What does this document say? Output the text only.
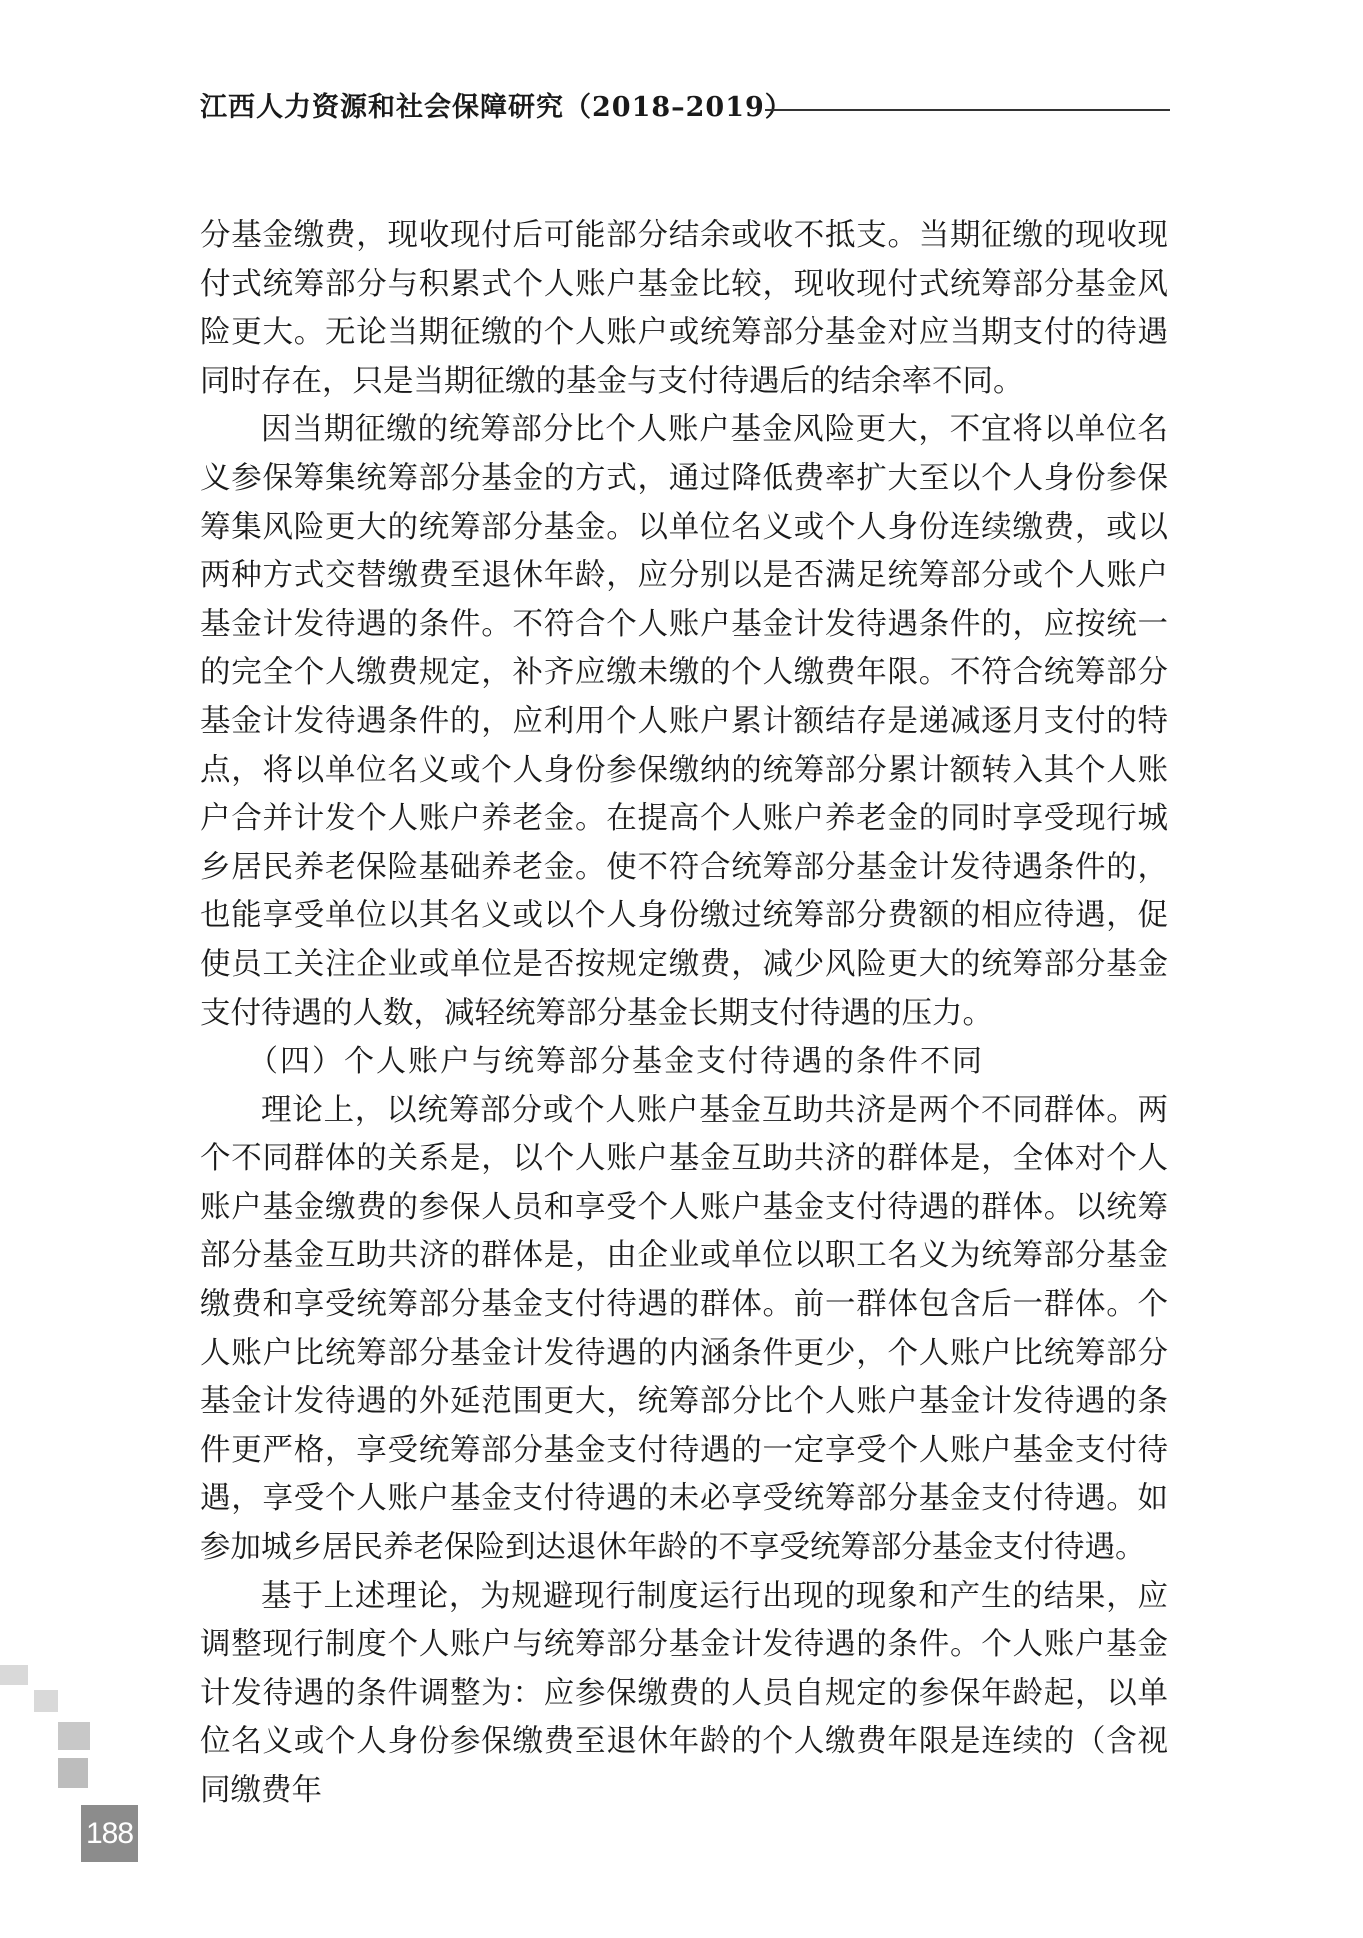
江西人力资源和社会保障研究（2018–2019）

分基金缴费，现收现付后可能部分结余或收不抵支。当期征缴的现收现付式统筹部分与积累式个人账户基金比较，现收现付式统筹部分基金风险更大。无论当期征缴的个人账户或统筹部分基金对应当期支付的待遇同时存在，只是当期征缴的基金与支付待遇后的结余率不同。

因当期征缴的统筹部分比个人账户基金风险更大，不宜将以单位名义参保筹集统筹部分基金的方式，通过降低费率扩大至以个人身份参保筹集风险更大的统筹部分基金。以单位名义或个人身份连续缴费，或以两种方式交替缴费至退休年龄，应分别以是否满足统筹部分或个人账户基金计发待遇的条件。不符合个人账户基金计发待遇条件的，应按统一的完全个人缴费规定，补齐应缴未缴的个人缴费年限。不符合统筹部分基金计发待遇条件的，应利用个人账户累计额结存是递减逐月支付的特点，将以单位名义或个人身份参保缴纳的统筹部分累计额转入其个人账户合并计发个人账户养老金。在提高个人账户养老金的同时享受现行城乡居民养老保险基础养老金。使不符合统筹部分基金计发待遇条件的，也能享受单位以其名义或以个人身份缴过统筹部分费额的相应待遇，促使员工关注企业或单位是否按规定缴费，减少风险更大的统筹部分基金支付待遇的人数，减轻统筹部分基金长期支付待遇的压力。

（四）个人账户与统筹部分基金支付待遇的条件不同

理论上，以统筹部分或个人账户基金互助共济是两个不同群体。两个不同群体的关系是，以个人账户基金互助共济的群体是，全体对个人账户基金缴费的参保人员和享受个人账户基金支付待遇的群体。以统筹部分基金互助共济的群体是，由企业或单位以职工名义为统筹部分基金缴费和享受统筹部分基金支付待遇的群体。前一群体包含后一群体。个人账户比统筹部分基金计发待遇的内涵条件更少，个人账户比统筹部分基金计发待遇的外延范围更大，统筹部分比个人账户基金计发待遇的条件更严格，享受统筹部分基金支付待遇的一定享受个人账户基金支付待遇，享受个人账户基金支付待遇的未必享受统筹部分基金支付待遇。如参加城乡居民养老保险到达退休年龄的不享受统筹部分基金支付待遇。

基于上述理论，为规避现行制度运行出现的现象和产生的结果，应调整现行制度个人账户与统筹部分基金计发待遇的条件。个人账户基金计发待遇的条件调整为：应参保缴费的人员自规定的参保年龄起，以单位名义或个人身份参保缴费至退休年龄的个人缴费年限是连续的（含视同缴费年

188
